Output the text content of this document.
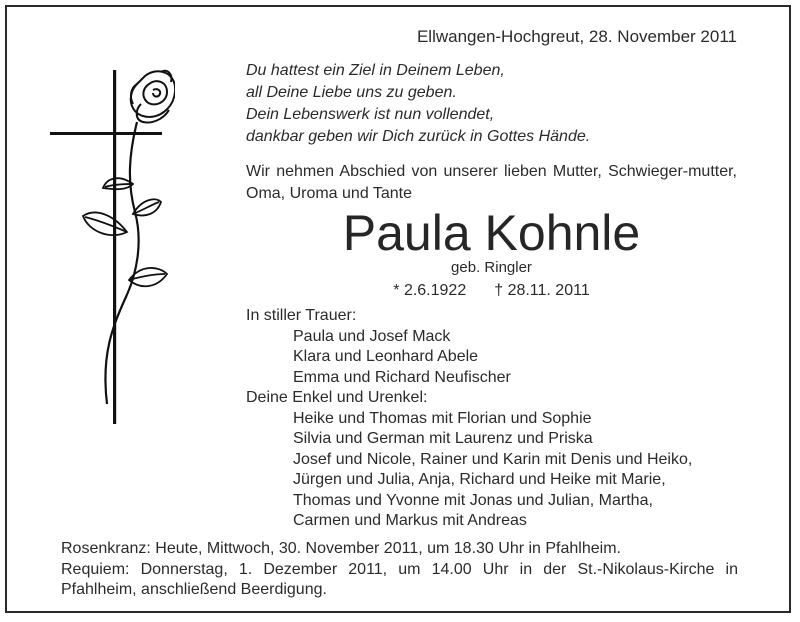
Ellwangen-Hochgreut, 28. November 2011
Du hattest ein Ziel in Deinem Leben,
all Deine Liebe uns zu geben.
Dein Lebenswerk ist nun vollendet,
dankbar geben wir Dich zurück in Gottes Hände.
Wir nehmen Abschied von unserer lieben Mutter, Schwieger-mutter, Oma, Uroma und Tante
Paula Kohnle
geb. Ringler
* 2.6.1922 † 28.11. 2011
In stiller Trauer:
Paula und Josef Mack
Klara und Leonhard Abele
Emma und Richard Neufischer
Deine Enkel und Urenkel:
Heike und Thomas mit Florian und Sophie
Silvia und German mit Laurenz und Priska
Josef und Nicole, Rainer und Karin mit Denis und Heiko,
Jürgen und Julia, Anja, Richard und Heike mit Marie,
Thomas und Yvonne mit Jonas und Julian, Martha,
Carmen und Markus mit Andreas
Rosenkranz: Heute, Mittwoch, 30. November 2011, um 18.30 Uhr in Pfahlheim.
Requiem: Donnerstag, 1. Dezember 2011, um 14.00 Uhr in der St.-Nikolaus-Kirche in
Pfahlheim, anschließend Beerdigung.
